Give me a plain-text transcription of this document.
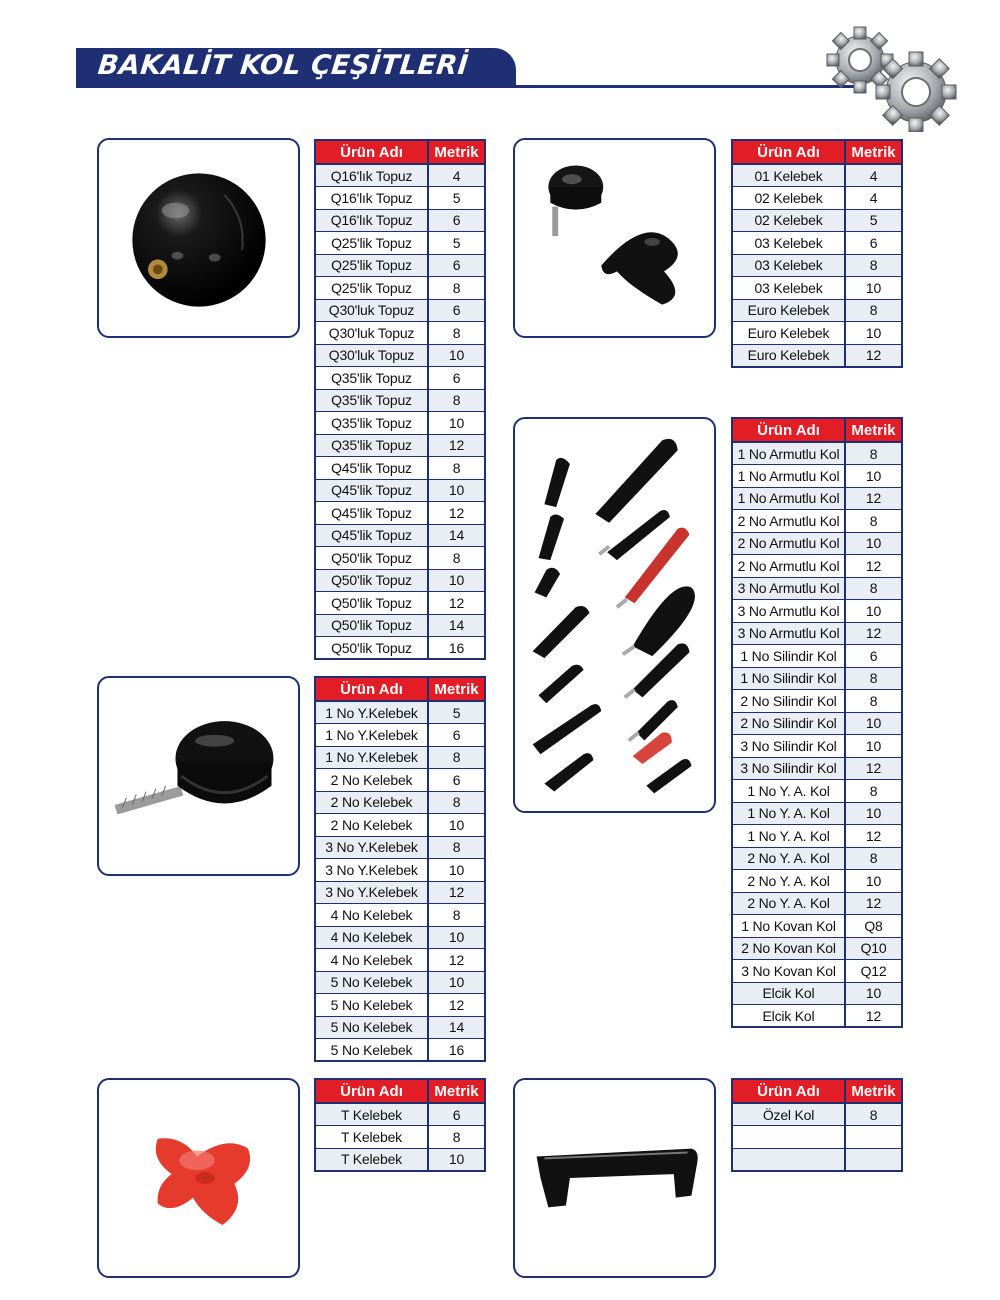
BAKALİT KOL ÇEŞİTLERİ
Ürün Adı	Metrik
Q16'lık Topuz	4
Q16'lık Topuz	5
Q16'lık Topuz	6
Q25'lik Topuz	5
Q25'lik Topuz	6
Q25'lik Topuz	8
Q30'luk Topuz	6
Q30'luk Topuz	8
Q30'luk Topuz	10
Q35'lik Topuz	6
Q35'lik Topuz	8
Q35'lik Topuz	10
Q35'lik Topuz	12
Q45'lik Topuz	8
Q45'lik Topuz	10
Q45'lik Topuz	12
Q45'lik Topuz	14
Q50'lik Topuz	8
Q50'lik Topuz	10
Q50'lik Topuz	12
Q50'lik Topuz	14
Q50'lik Topuz	16
Ürün Adı	Metrik
01 Kelebek	4
02 Kelebek	4
02 Kelebek	5
03 Kelebek	6
03 Kelebek	8
03 Kelebek	10
Euro Kelebek	8
Euro Kelebek	10
Euro Kelebek	12
Ürün Adı	Metrik
1 No Armutlu Kol	8
1 No Armutlu Kol	10
1 No Armutlu Kol	12
2 No Armutlu Kol	8
2 No Armutlu Kol	10
2 No Armutlu Kol	12
3 No Armutlu Kol	8
3 No Armutlu Kol	10
3 No Armutlu Kol	12
1 No Silindir Kol	6
1 No Silindir Kol	8
2 No Silindir Kol	8
2 No Silindir Kol	10
3 No Silindir Kol	10
3 No Silindir Kol	12
1 No Y. A. Kol	8
1 No Y. A. Kol	10
1 No Y. A. Kol	12
2 No Y. A. Kol	8
2 No Y. A. Kol	10
2 No Y. A. Kol	12
1 No Kovan Kol	Q8
2 No Kovan Kol	Q10
3 No Kovan Kol	Q12
Elcik Kol	10
Elcik Kol	12
Ürün Adı	Metrik
1 No Y.Kelebek	5
1 No Y.Kelebek	6
1 No Y.Kelebek	8
2 No Kelebek	6
2 No Kelebek	8
2 No Kelebek	10
3 No Y.Kelebek	8
3 No Y.Kelebek	10
3 No Y.Kelebek	12
4 No Kelebek	8
4 No Kelebek	10
4 No Kelebek	12
5 No Kelebek	10
5 No Kelebek	12
5 No Kelebek	14
5 No Kelebek	16
Ürün Adı	Metrik
T Kelebek	6
T Kelebek	8
T Kelebek	10
Ürün Adı	Metrik
Özel Kol	8
